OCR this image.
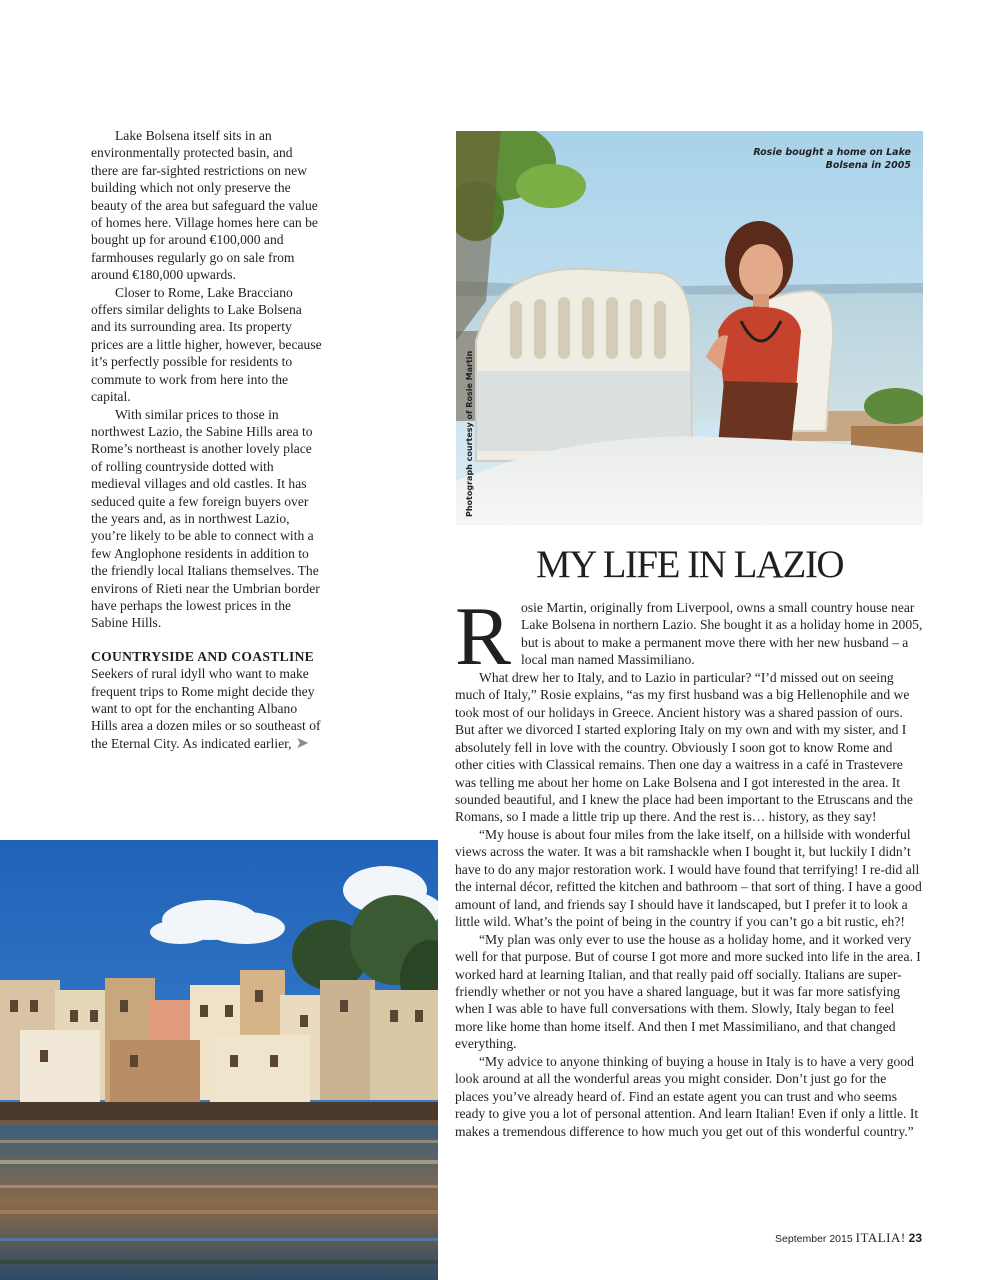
Lake Bolsena itself sits in an environmentally protected basin, and there are far-sighted restrictions on new building which not only preserve the beauty of the area but safeguard the value of homes here. Village homes here can be bought up for around €100,000 and farmhouses regularly go on sale from around €180,000 upwards.

Closer to Rome, Lake Bracciano offers similar delights to Lake Bolsena and its surrounding area. Its property prices are a little higher, however, because it’s perfectly possible for residents to commute to work from here into the capital.

With similar prices to those in northwest Lazio, the Sabine Hills area to Rome’s northeast is another lovely place of rolling countryside dotted with medieval villages and old castles. It has seduced quite a few foreign buyers over the years and, as in northwest Lazio, you’re likely to be able to connect with a few Anglophone residents in addition to the friendly local Italians themselves. The environs of Rieti near the Umbrian border have perhaps the lowest prices in the Sabine Hills.

COUNTRYSIDE AND COASTLINE

Seekers of rural idyll who want to make frequent trips to Rome might decide they want to opt for the enchanting Albano Hills area a dozen miles or so southeast of the Eternal City. As indicated earlier, ➤

Rosie bought a home on Lake Bolsena in 2005
Photograph courtesy of Rosie Martin
MY LIFE IN LAZIO
R osie Martin, originally from Liverpool, owns a small country house near Lake Bolsena in northern Lazio. She bought it as a holiday home in 2005, but is about to make a permanent move there with her new husband – a local man named Massimiliano.

What drew her to Italy, and to Lazio in particular? “I’d missed out on seeing much of Italy,” Rosie explains, “as my first husband was a big Hellenophile and we took most of our holidays in Greece. Ancient history was a shared passion of ours. But after we divorced I started exploring Italy on my own and with my sister, and I absolutely fell in love with the country. Obviously I soon got to know Rome and other cities with Classical remains. Then one day a waitress in a café in Trastevere was telling me about her home on Lake Bolsena and I got interested in the area. It sounded beautiful, and I knew the place had been important to the Etruscans and the Romans, so I made a little trip up there. And the rest is… history, as they say!

“My house is about four miles from the lake itself, on a hillside with wonderful views across the water. It was a bit ramshackle when I bought it, but luckily I didn’t have to do any major restoration work. I would have found that terrifying! I re-did all the internal décor, refitted the kitchen and bathroom – that sort of thing. I have a good amount of land, and friends say I should have it landscaped, but I prefer it to look a little wild. What’s the point of being in the country if you can’t go a bit rustic, eh?!

“My plan was only ever to use the house as a holiday home, and it worked very well for that purpose. But of course I got more and more sucked into life in the area. I worked hard at learning Italian, and that really paid off socially. Italians are super-friendly whether or not you have a shared language, but it was far more satisfying when I was able to have full conversations with them. Slowly, Italy began to feel more like home than home itself. And then I met Massimiliano, and that changed everything.

“My advice to anyone thinking of buying a house in Italy is to have a very good look around at all the wonderful areas you might consider. Don’t just go for the places you’ve already heard of. Find an estate agent you can trust and who seems ready to give you a lot of personal attention. And learn Italian! Even if only a little. It makes a tremendous difference to how much you get out of this wonderful country.”

September 2015 ITALIA! 23
